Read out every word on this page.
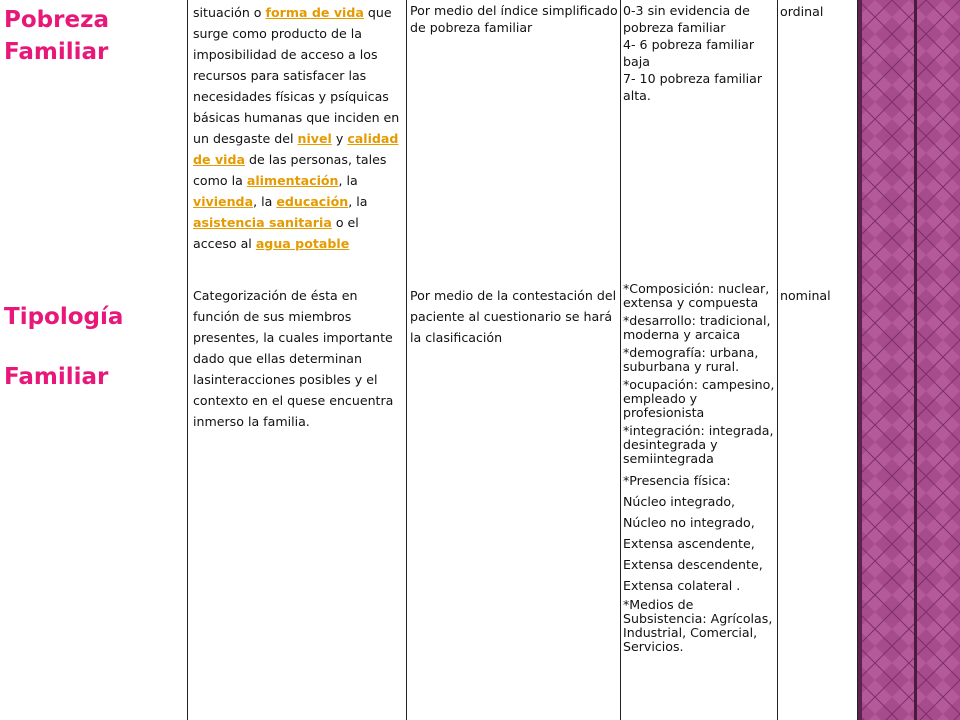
Pobreza
Familiar
situación o forma de vida que surge como producto de la imposibilidad de acceso a los recursos para satisfacer las necesidades físicas y psíquicas básicas humanas que inciden en un desgaste del nivel y calidad de vida de las personas, tales como la alimentación, la vivienda, la educación, la asistencia sanitaria o el acceso al agua potable
Por medio del índice simplificado de pobreza familiar
0-3 sin evidencia de pobreza familiar
4- 6 pobreza familiar baja
7- 10 pobreza familiar alta.
ordinal
Tipología
Familiar
Categorización de ésta en función de sus miembros presentes, la cuales importante dado que ellas determinan lasinteracciones posibles y el contexto en el quese encuentra inmerso la familia.
Por medio de la contestación del paciente al cuestionario se hará la clasificación
*Composición: nuclear, extensa y compuesta
*desarrollo: tradicional, moderna y arcaica
*demografía: urbana, suburbana y rural.
*ocupación: campesino, empleado y profesionista
*integración: integrada, desintegrada y semiintegrada
*Presencia física:
Núcleo integrado,
Núcleo no integrado,
Extensa ascendente,
Extensa descendente,
Extensa colateral .
*Medios de Subsistencia: Agrícolas, Industrial, Comercial, Servicios.
nominal
